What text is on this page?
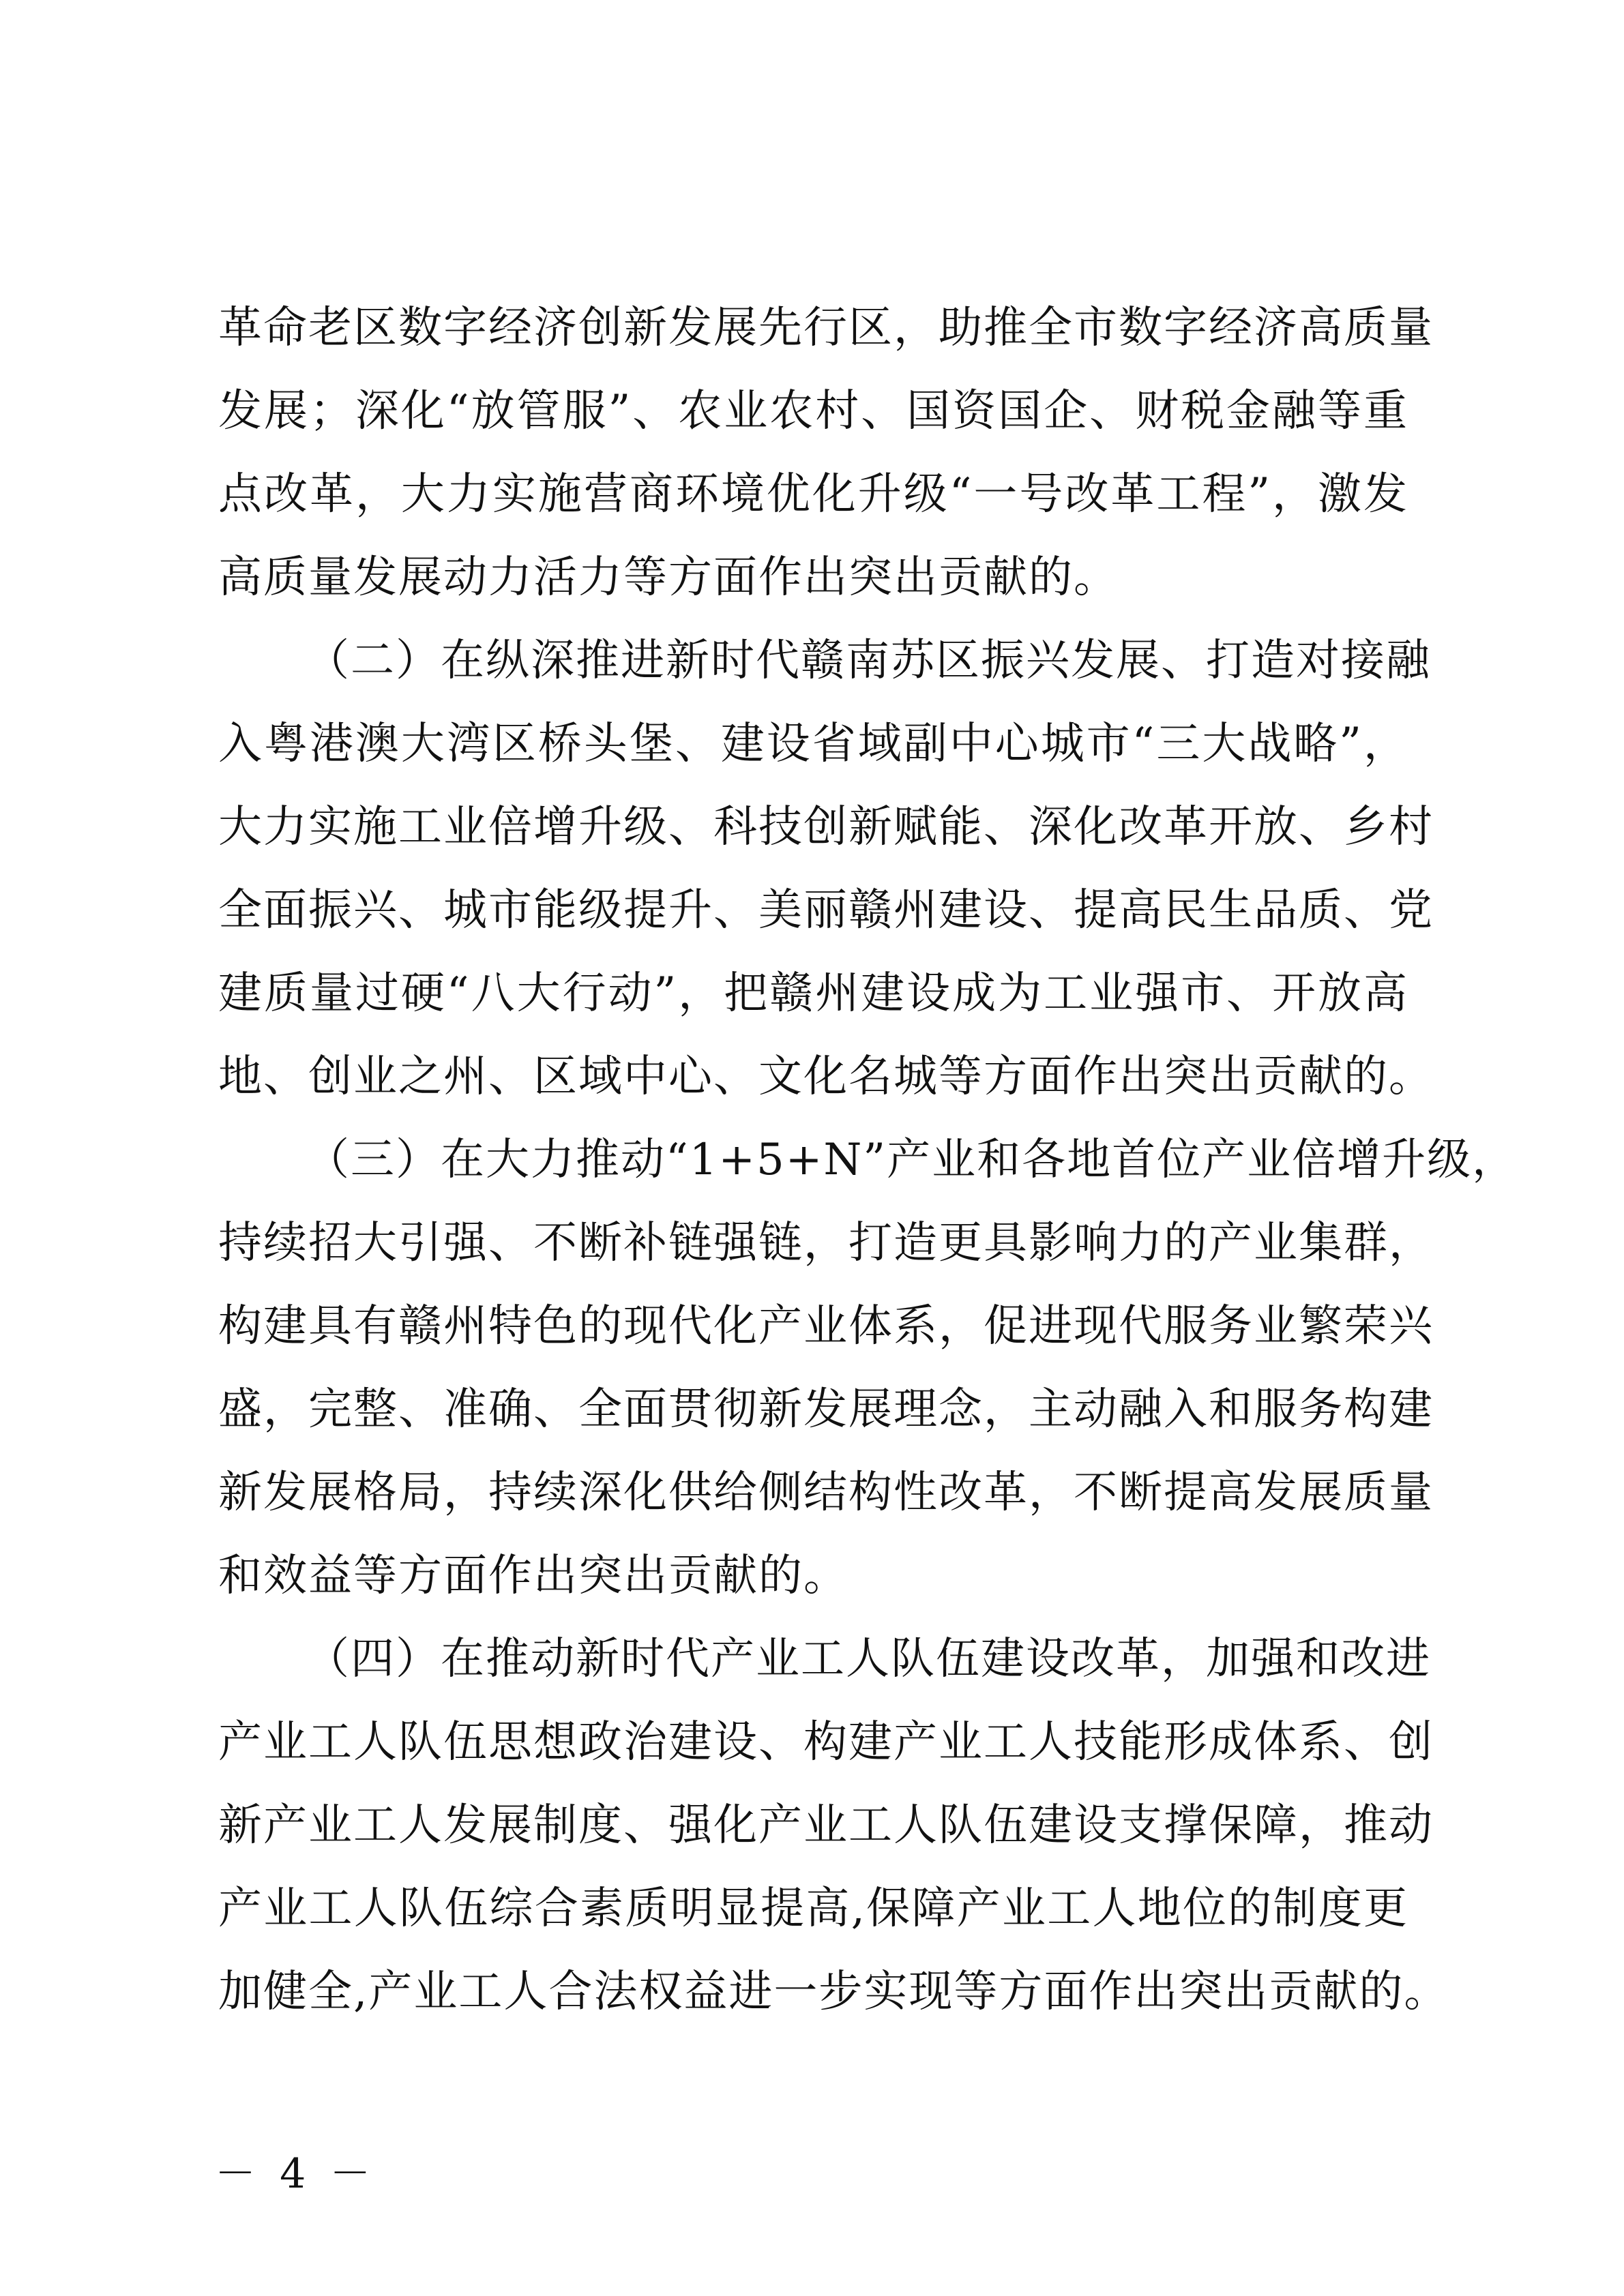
革命老区数字经济创新发展先行区，助推全市数字经济高质量
发展；深化“放管服”、农业农村、国资国企、财税金融等重
点改革，大力实施营商环境优化升级“一号改革工程”，激发
高质量发展动力活力等方面作出突出贡献的。
（二）在纵深推进新时代赣南苏区振兴发展、打造对接融
入粤港澳大湾区桥头堡、建设省域副中心城市“三大战略”，
大力实施工业倍增升级、科技创新赋能、深化改革开放、乡村
全面振兴、城市能级提升、美丽赣州建设、提高民生品质、党
建质量过硬“八大行动”，把赣州建设成为工业强市、开放高
地、创业之州、区域中心、文化名城等方面作出突出贡献的。
（三）在大力推动“1+5+N”产业和各地首位产业倍增升级，
持续招大引强、不断补链强链，打造更具影响力的产业集群，
构建具有赣州特色的现代化产业体系，促进现代服务业繁荣兴
盛，完整、准确、全面贯彻新发展理念，主动融入和服务构建
新发展格局，持续深化供给侧结构性改革，不断提高发展质量
和效益等方面作出突出贡献的。
（四）在推动新时代产业工人队伍建设改革，加强和改进
产业工人队伍思想政治建设、构建产业工人技能形成体系、创
新产业工人发展制度、强化产业工人队伍建设支撑保障，推动
产业工人队伍综合素质明显提高,保障产业工人地位的制度更
加健全,产业工人合法权益进一步实现等方面作出突出贡献的。
－ 4 －
